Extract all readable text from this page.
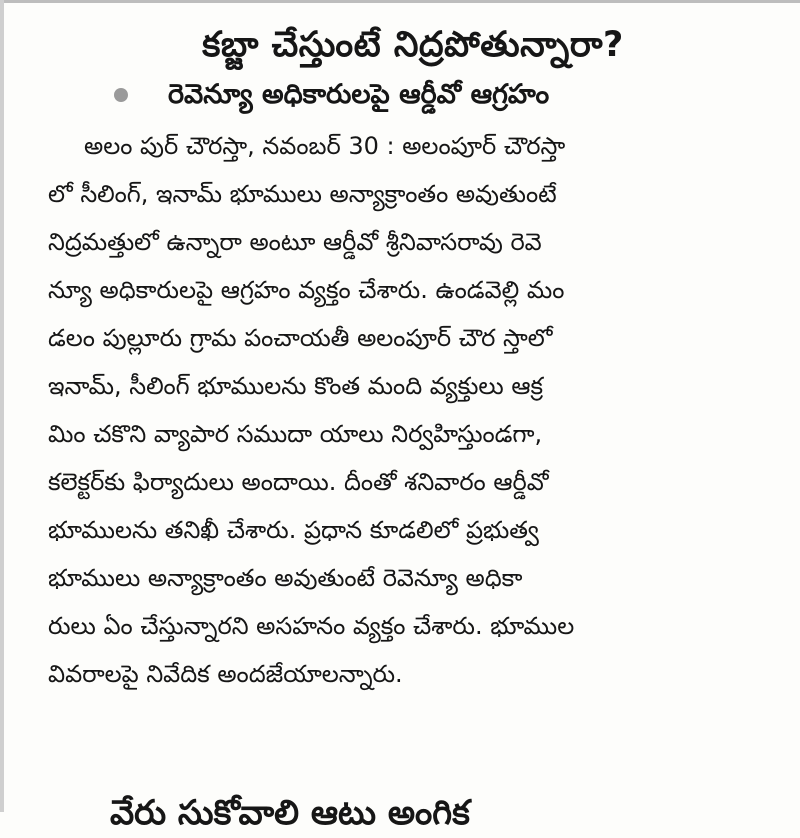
కబ్జా చేస్తుంటే నిద్రపోతున్నారా?
రెవెన్యూ అధికారులపై ఆర్డీవో ఆగ్రహం
అలం పుర్ చౌరస్తా, నవంబర్ 30 : అలంపూర్ చౌరస్తా
లో సీలింగ్, ఇనామ్ భూములు అన్యాక్రాంతం అవుతుంటే
నిద్రమత్తులో ఉన్నారా అంటూ ఆర్డీవో శ్రీనివాసరావు రెవె
న్యూ అధికారులపై ఆగ్రహం వ్యక్తం చేశారు. ఉండవెల్లి మం
డలం పుల్లూరు గ్రామ పంచాయతీ అలంపూర్ చౌర స్తాలో
ఇనామ్, సీలింగ్ భూములను కొంత మంది వ్యక్తులు ఆక్ర
మిం చకొని వ్యాపార సముదా యాలు నిర్వహిస్తుండగా,
కలెక్టర్‌కు ఫిర్యాదులు అందాయి. దీంతో శనివారం ఆర్డీవో
భూములను తనిఖీ చేశారు. ప్రధాన కూడలిలో ప్రభుత్వ
భూములు అన్యాక్రాంతం అవుతుంటే రెవెన్యూ అధికా
రులు ఏం చేస్తున్నారని అసహనం వ్యక్తం చేశారు. భూముల
వివరాలపై నివేదిక అందజేయాలన్నారు.
వేరు సుకోవాలి ఆటు అంగిక
